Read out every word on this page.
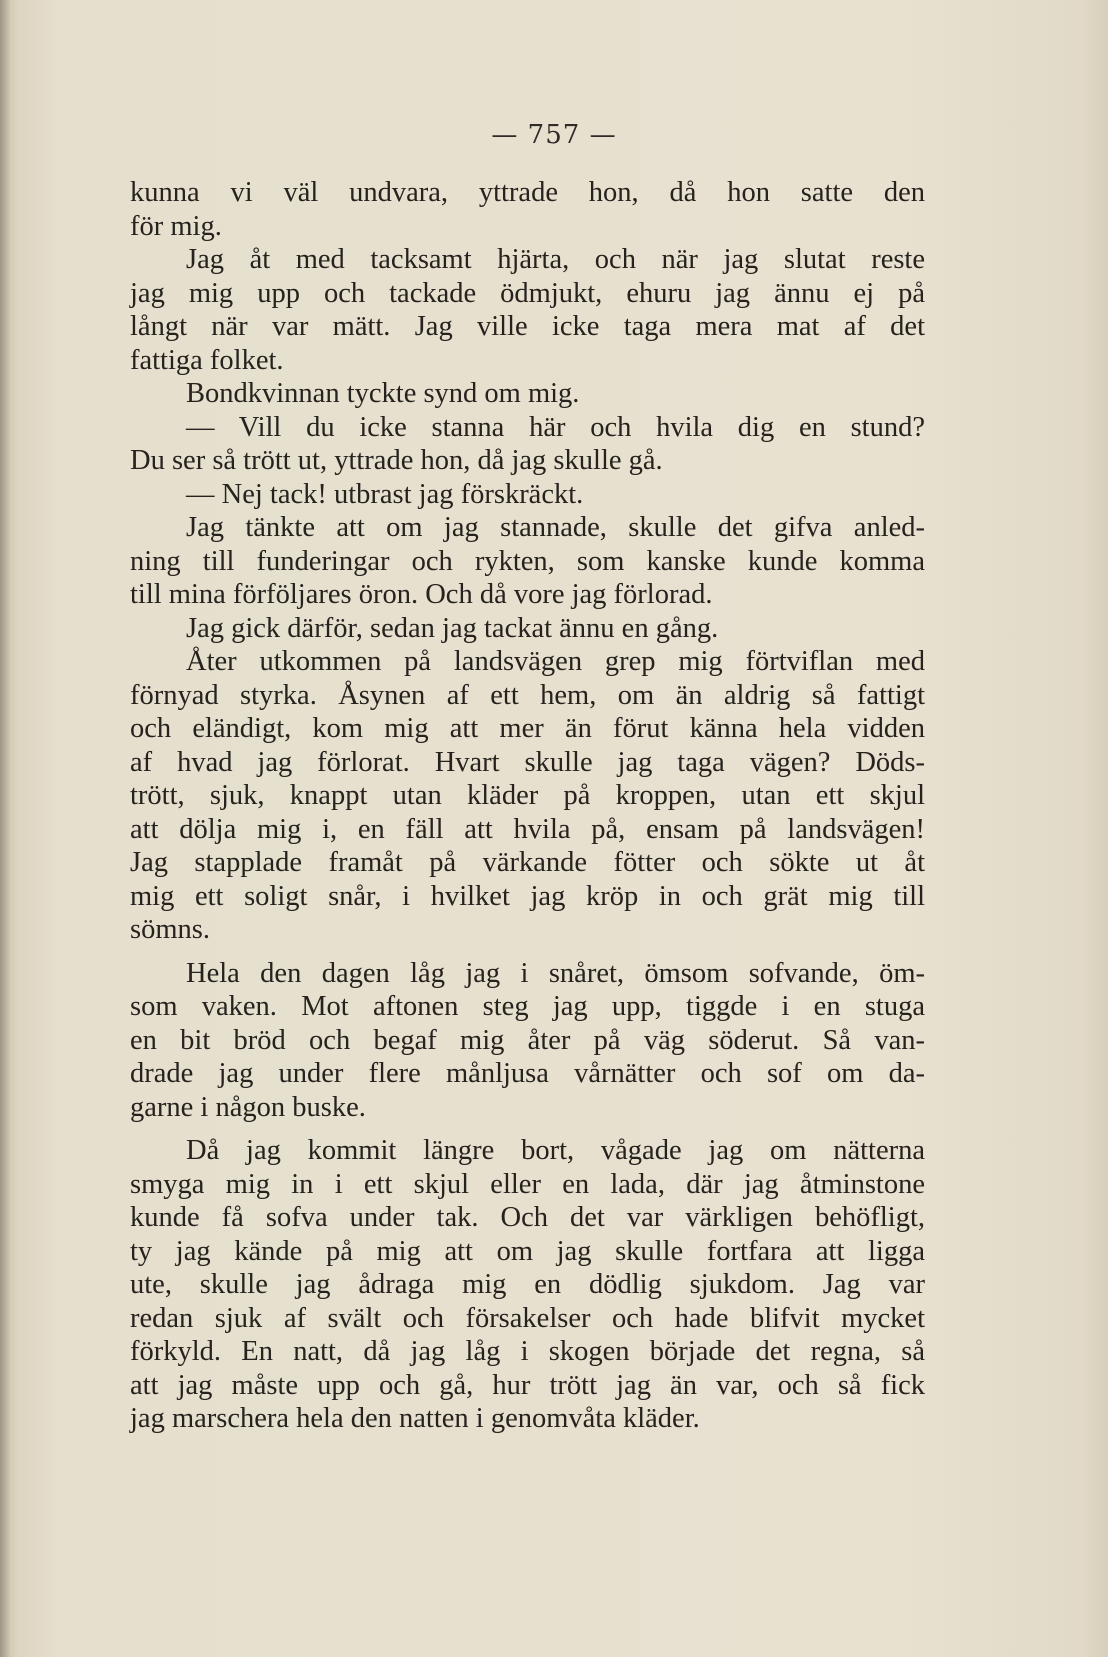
— 757 —
kunna vi väl undvara, yttrade hon, då hon satte den
för mig.
Jag åt med tacksamt hjärta, och när jag slutat reste
jag mig upp och tackade ödmjukt, ehuru jag ännu ej på
långt när var mätt. Jag ville icke taga mera mat af det
fattiga folket.
Bondkvinnan tyckte synd om mig.
— Vill du icke stanna här och hvila dig en stund?
Du ser så trött ut, yttrade hon, då jag skulle gå.
— Nej tack! utbrast jag förskräckt.
Jag tänkte att om jag stannade, skulle det gifva anled-
ning till funderingar och rykten, som kanske kunde komma
till mina förföljares öron. Och då vore jag förlorad.
Jag gick därför, sedan jag tackat ännu en gång.
Åter utkommen på landsvägen grep mig förtviflan med
förnyad styrka. Åsynen af ett hem, om än aldrig så fattigt
och eländigt, kom mig att mer än förut känna hela vidden
af hvad jag förlorat. Hvart skulle jag taga vägen? Döds-
trött, sjuk, knappt utan kläder på kroppen, utan ett skjul
att dölja mig i, en fäll att hvila på, ensam på landsvägen!
Jag stapplade framåt på värkande fötter och sökte ut åt
mig ett soligt snår, i hvilket jag kröp in och grät mig till
sömns.
Hela den dagen låg jag i snåret, ömsom sofvande, öm-
som vaken. Mot aftonen steg jag upp, tiggde i en stuga
en bit bröd och begaf mig åter på väg söderut. Så van-
drade jag under flere månljusa vårnätter och sof om da-
garne i någon buske.
Då jag kommit längre bort, vågade jag om nätterna
smyga mig in i ett skjul eller en lada, där jag åtminstone
kunde få sofva under tak. Och det var värkligen behöfligt,
ty jag kände på mig att om jag skulle fortfara att ligga
ute, skulle jag ådraga mig en dödlig sjukdom. Jag var
redan sjuk af svält och försakelser och hade blifvit mycket
förkyld. En natt, då jag låg i skogen började det regna, så
att jag måste upp och gå, hur trött jag än var, och så fick
jag marschera hela den natten i genomvåta kläder.
